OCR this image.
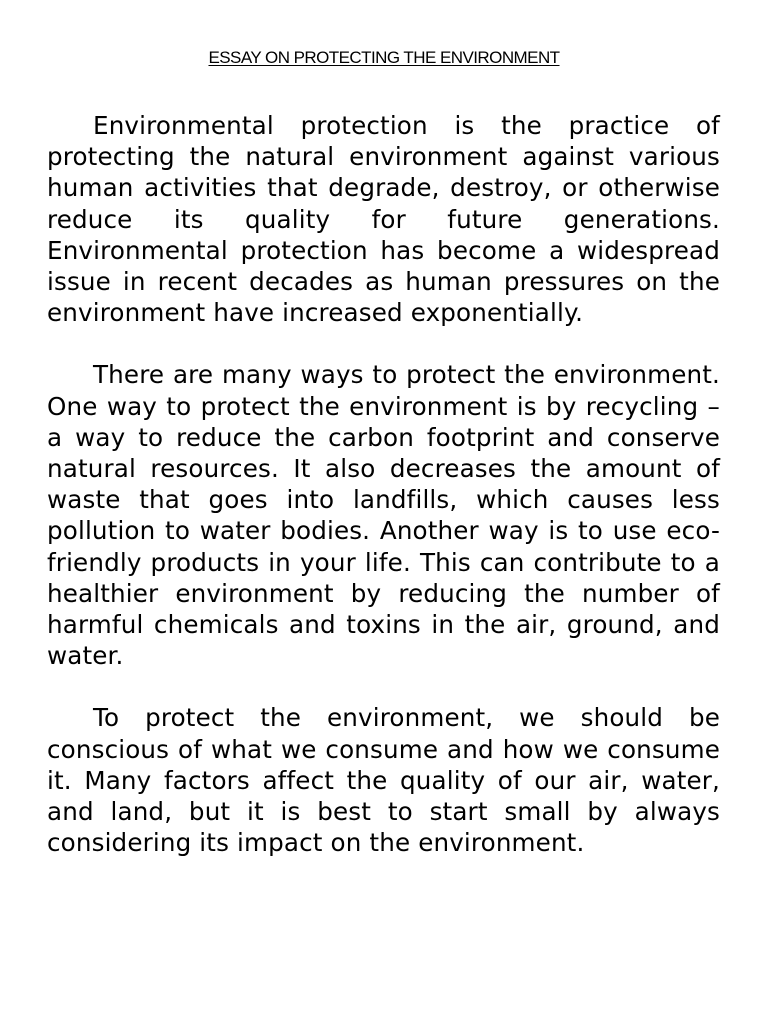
ESSAY ON PROTECTING THE ENVIRONMENT

Environmental protection is the practice of protecting the natural environment against various human activities that degrade, destroy, or otherwise reduce its quality for future generations. Environmental protection has become a widespread issue in recent decades as human pressures on the environment have increased exponentially.

There are many ways to protect the environment. One way to protect the environment is by recycling – a way to reduce the carbon footprint and conserve natural resources. It also decreases the amount of waste that goes into landfills, which causes less pollution to water bodies. Another way is to use eco-friendly products in your life. This can contribute to a healthier environment by reducing the number of harmful chemicals and toxins in the air, ground, and water.

To protect the environment, we should be conscious of what we consume and how we consume it. Many factors affect the quality of our air, water, and land, but it is best to start small by always considering its impact on the environment.
